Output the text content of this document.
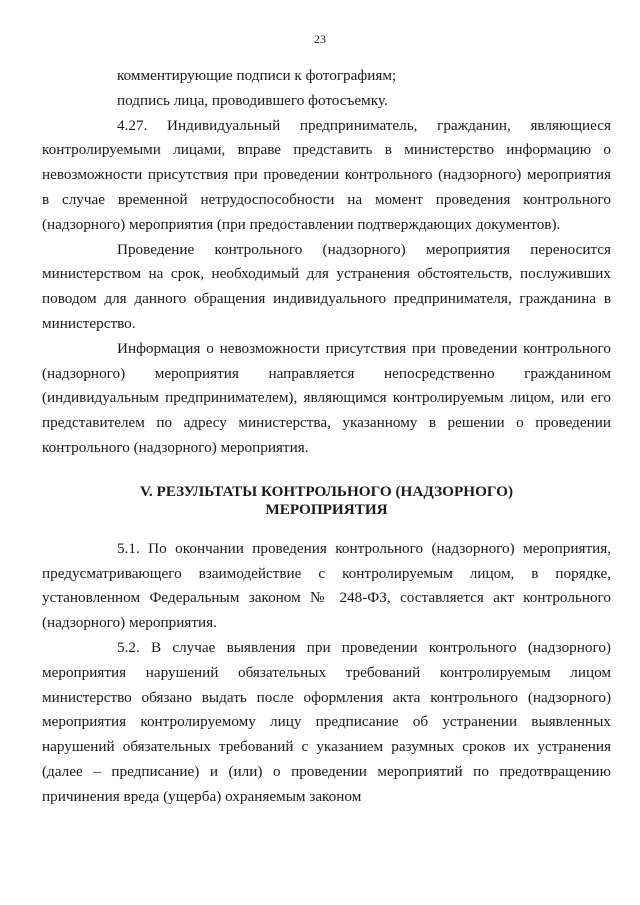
23

комментирующие подписи к фотографиям;

подпись лица, проводившего фотосъемку.

4.27. Индивидуальный предприниматель, гражданин, являющиеся контролируемыми лицами, вправе представить в министерство информацию о невозможности присутствия при проведении контрольного (надзорного) мероприятия в случае временной нетрудоспособности на момент проведения контрольного (надзорного) мероприятия (при предоставлении подтверждающих документов).

Проведение контрольного (надзорного) мероприятия переносится министерством на срок, необходимый для устранения обстоятельств, послуживших поводом для данного обращения индивидуального предпринимателя, гражданина в министерство.

Информация о невозможности присутствия при проведении контрольного (надзорного) мероприятия направляется непосредственно гражданином (индивидуальным предпринимателем), являющимся контролируемым лицом, или его представителем по адресу министерства, указанному в решении о проведении контрольного (надзорного) мероприятия.

V. РЕЗУЛЬТАТЫ КОНТРОЛЬНОГО (НАДЗОРНОГО)
МЕРОПРИЯТИЯ

5.1. По окончании проведения контрольного (надзорного) мероприятия, предусматривающего взаимодействие с контролируемым лицом, в порядке, установленном Федеральным законом № 248-ФЗ, составляется акт контрольного (надзорного) мероприятия.

5.2. В случае выявления при проведении контрольного (надзорного) мероприятия нарушений обязательных требований контролируемым лицом министерство обязано выдать после оформления акта контрольного (надзорного) мероприятия контролируемому лицу предписание об устранении выявленных нарушений обязательных требований с указанием разумных сроков их устранения (далее – предписание) и (или) о проведении мероприятий по предотвращению причинения вреда (ущерба) охраняемым законом
